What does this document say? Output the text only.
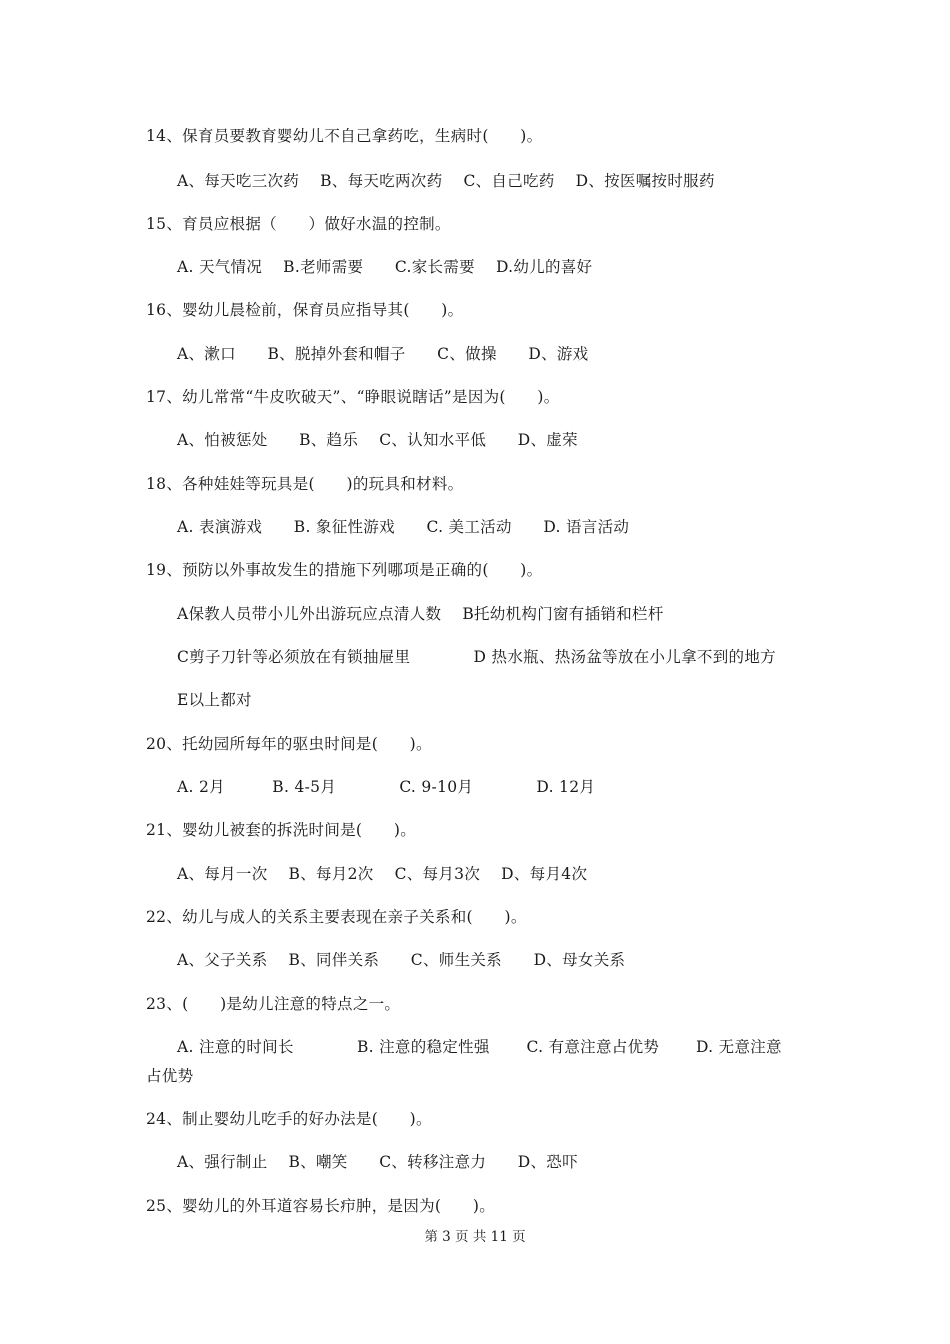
14、保育员要教育婴幼儿不自己拿药吃，生病时(　　)。
A、每天吃三次药　 B、每天吃两次药　 C、自己吃药　 D、按医嘱按时服药
15、育员应根据（　　）做好水温的控制。
A. 天气情况　 B.老师需要　　C.家长需要　 D.幼儿的喜好
16、婴幼儿晨检前，保育员应指导其(　　)。
A、漱口　　B、脱掉外套和帽子　　C、做操　　D、游戏
17、幼儿常常“牛皮吹破天”、“睁眼说瞎话”是因为(　　)。
A、怕被惩处　　B、趋乐　 C、认知水平低　　D、虚荣
18、各种娃娃等玩具是(　　)的玩具和材料。
A. 表演游戏　　B. 象征性游戏　　C. 美工活动　　D. 语言活动
19、预防以外事故发生的措施下列哪项是正确的(　　)。
A保教人员带小儿外出游玩应点清人数　 B托幼机构门窗有插销和栏杆
C剪子刀针等必须放在有锁抽屉里　　　　D 热水瓶、热汤盆等放在小儿拿不到的地方
E以上都对
20、托幼园所每年的驱虫时间是(　　)。
A. 2月　　　B. 4-5月　　　　C. 9-10月　　　　D. 12月
21、婴幼儿被套的拆洗时间是(　　)。
A、每月一次　 B、每月2次　 C、每月3次　 D、每月4次
22、幼儿与成人的关系主要表现在亲子关系和(　　)。
A、父子关系　 B、同伴关系　　C、师生关系　　D、母女关系
23、(　　)是幼儿注意的特点之一。
A. 注意的时间长　　　　B. 注意的稳定性强　　 C. 有意注意占优势　　 D. 无意注意
占优势
24、制止婴幼儿吃手的好办法是(　　)。
A、强行制止　 B、嘲笑　　C、转移注意力　　D、恐吓
25、婴幼儿的外耳道容易长疖肿，是因为(　　)。
第 3 页 共 11 页
